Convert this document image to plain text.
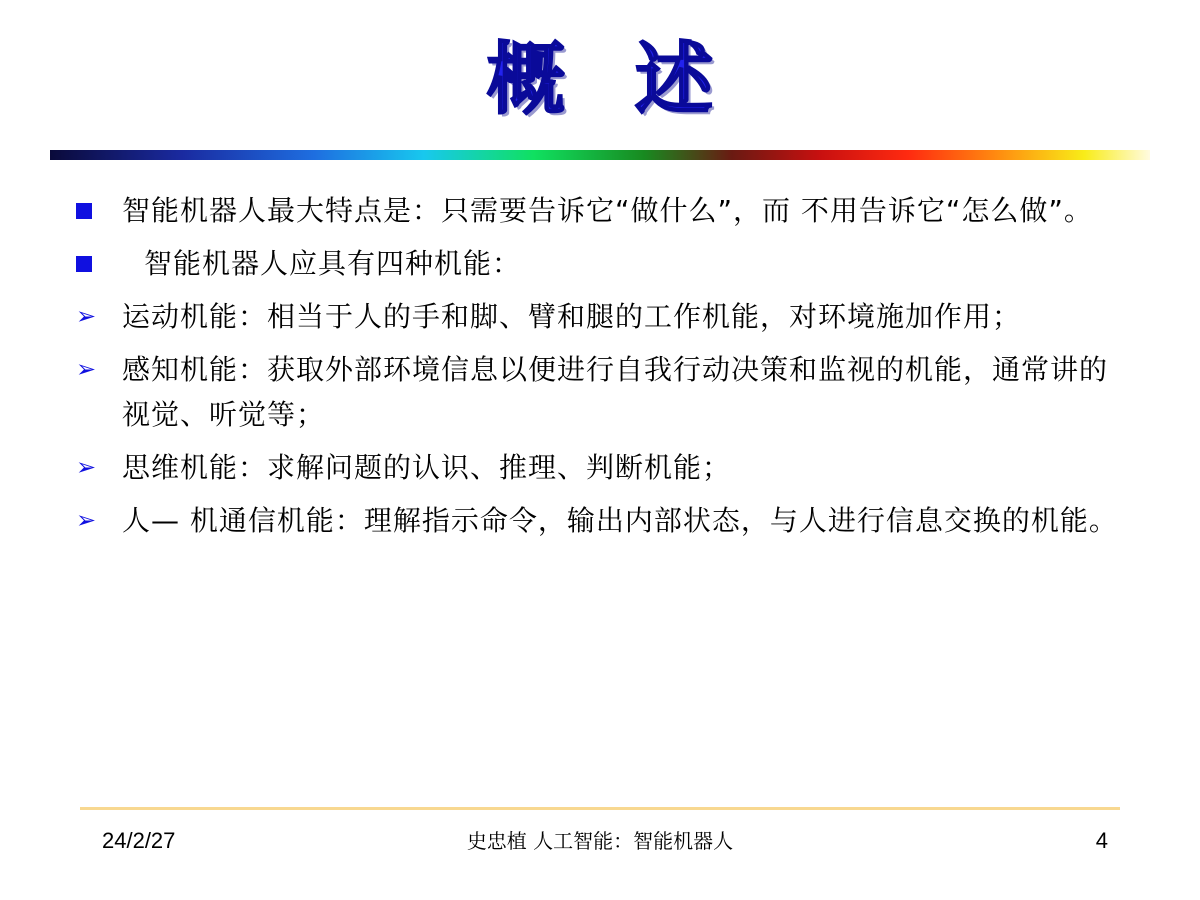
概述
智能机器人最大特点是：只需要告诉它“做什么”，而 不用告诉它“怎么做”。
智能机器人应具有四种机能：
➢ 运动机能：相当于人的手和脚、臂和腿的工作机能，对环境施加作用；
➢ 感知机能：获取外部环境信息以便进行自我行动决策和监视的机能，通常讲的视觉、听觉等；
➢ 思维机能：求解问题的认识、推理、判断机能；
➢ 人— 机通信机能：理解指示命令，输出内部状态，与人进行信息交换的机能。
24/2/27	史忠植 人工智能：智能机器人	4
